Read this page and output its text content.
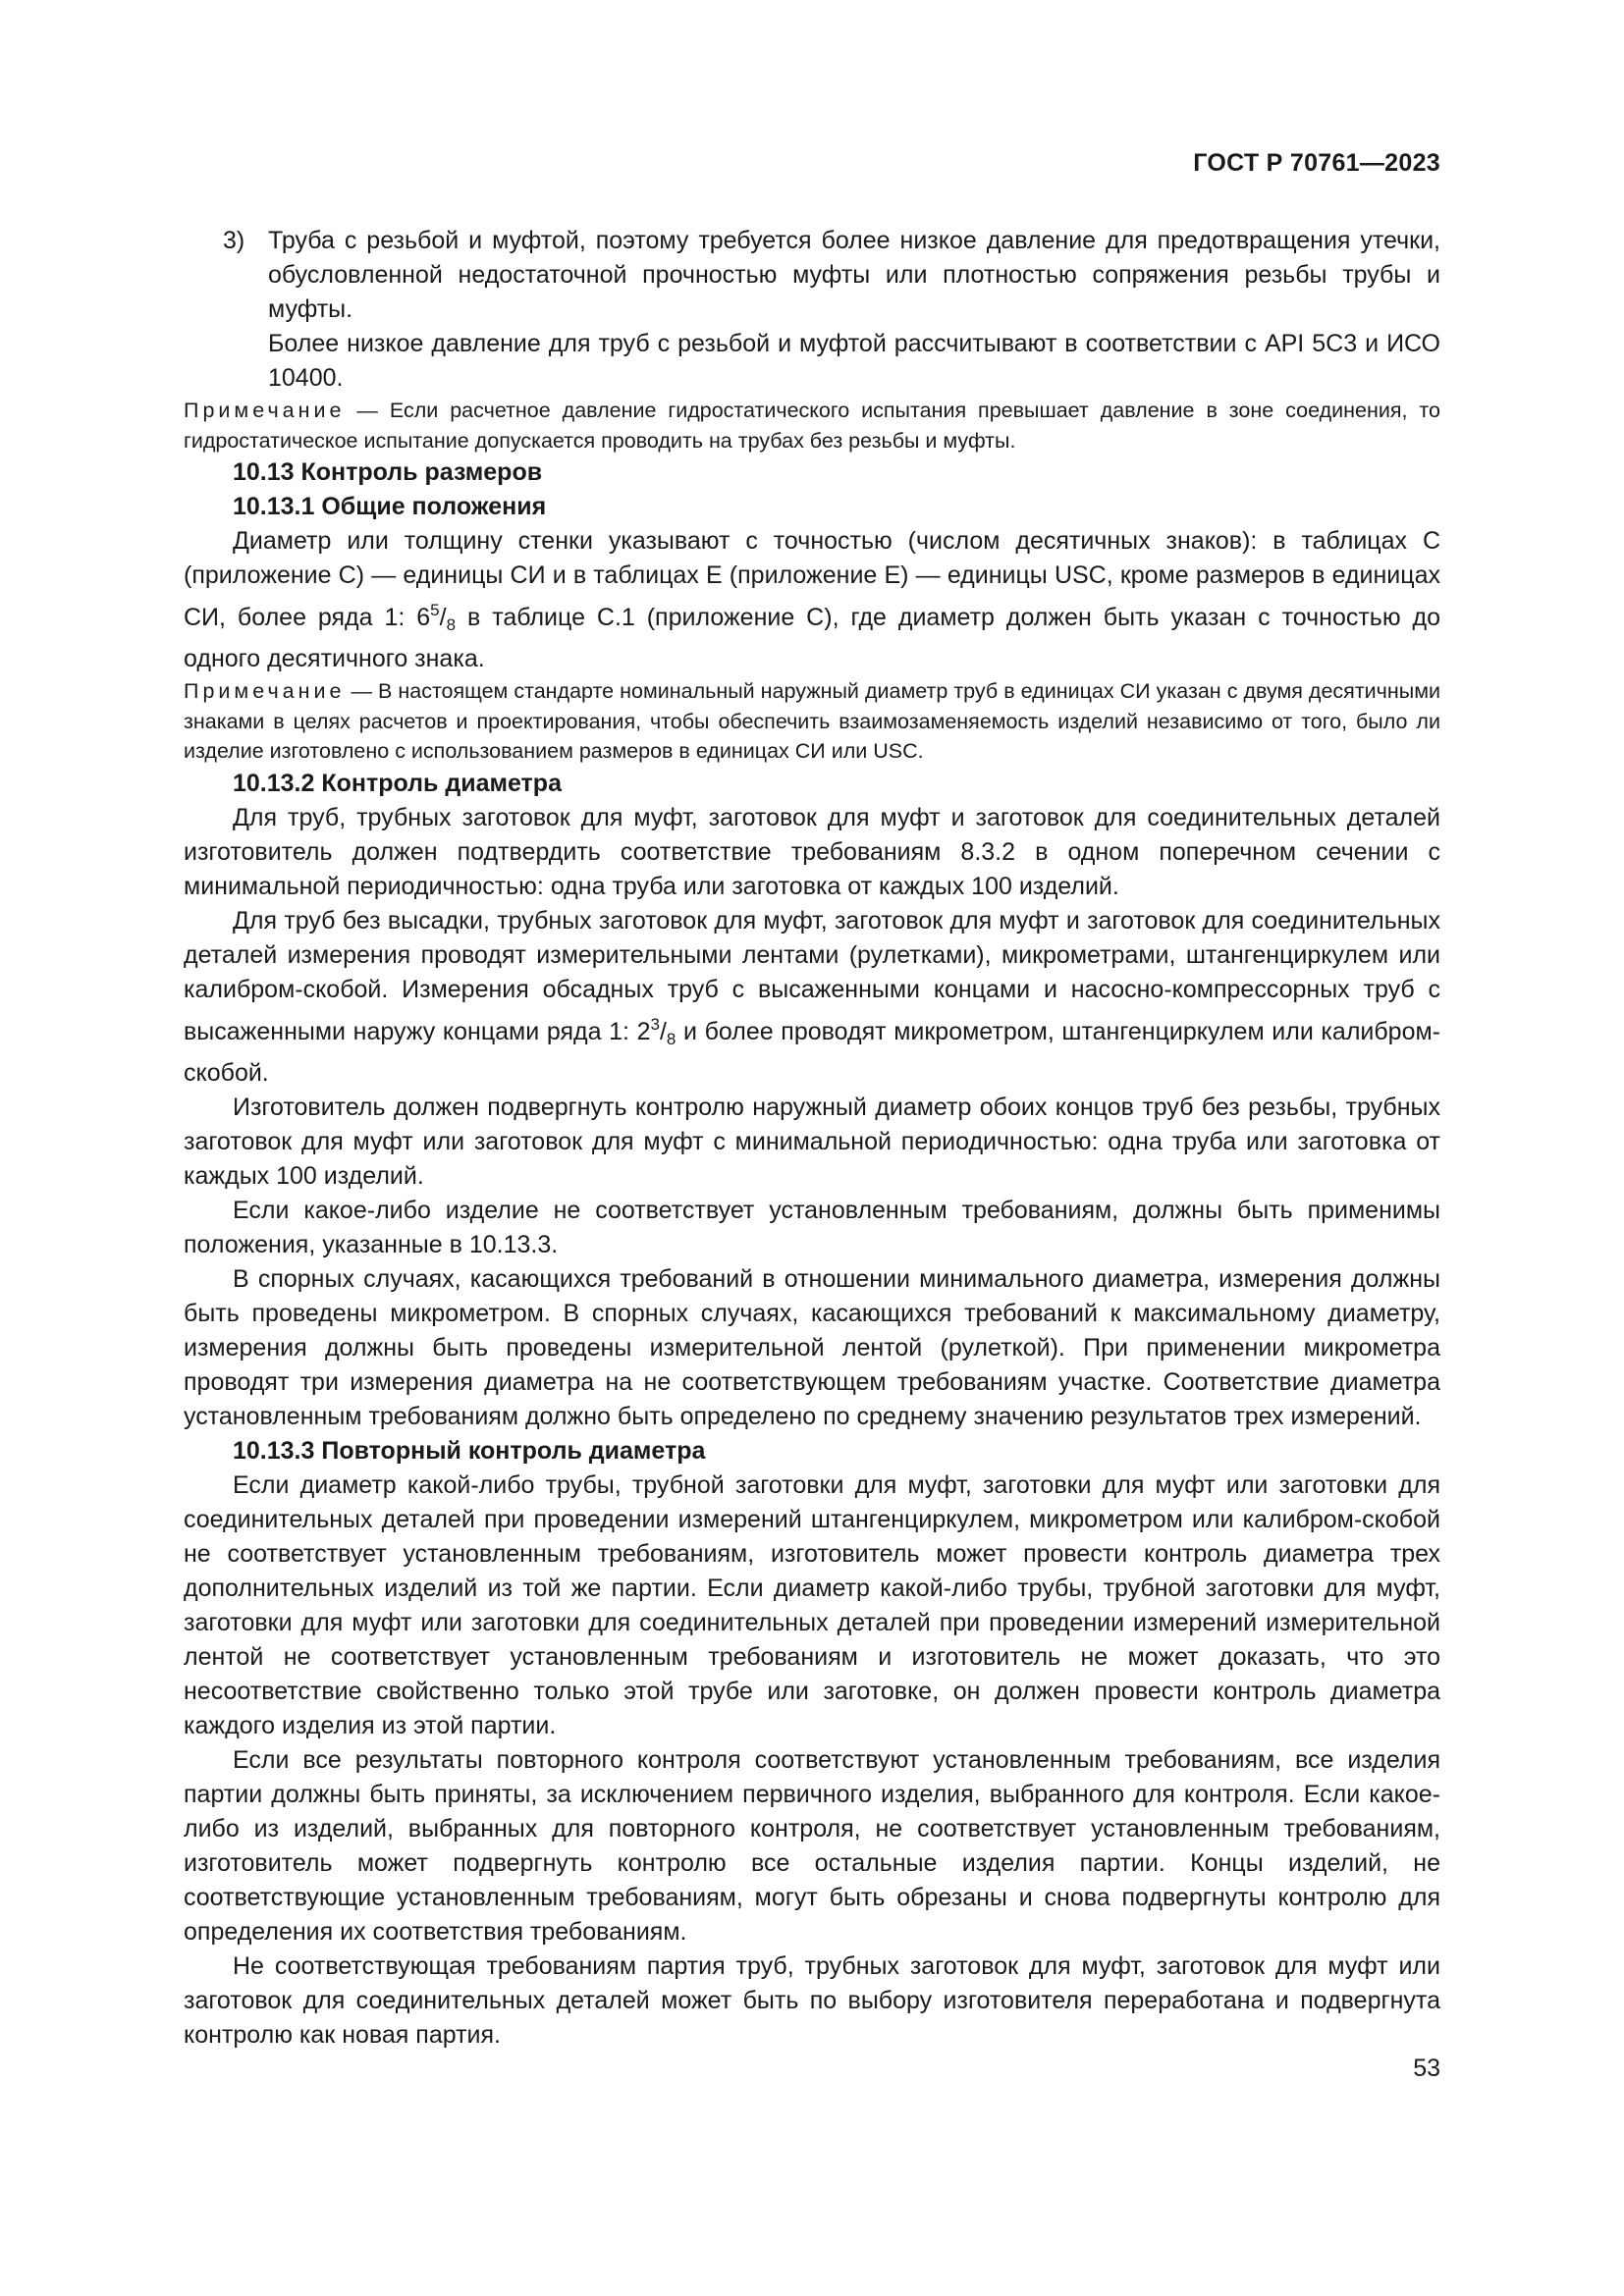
ГОСТ Р 70761—2023
3) Труба с резьбой и муфтой, поэтому требуется более низкое давление для предотвращения утечки, обусловленной недостаточной прочностью муфты или плотностью сопряжения резьбы трубы и муфты.

Более низкое давление для труб с резьбой и муфтой рассчитывают в соответствии с API 5C3 и ИСО 10400.

Примечание — Если расчетное давление гидростатического испытания превышает давление в зоне соединения, то гидростатическое испытание допускается проводить на трубах без резьбы и муфты.

10.13 Контроль размеров

10.13.1 Общие положения

Диаметр или толщину стенки указывают с точностью (числом десятичных знаков): в таблицах С (приложение С) — единицы СИ и в таблицах Е (приложение Е) — единицы USC, кроме размеров в единицах СИ, более ряда 1: $6^5/_8$ в таблице С.1 (приложение С), где диаметр должен быть указан с точностью до одного десятичного знака.

Примечание — В настоящем стандарте номинальный наружный диаметр труб в единицах СИ указан с двумя десятичными знаками в целях расчетов и проектирования, чтобы обеспечить взаимозаменяемость изделий независимо от того, было ли изделие изготовлено с использованием размеров в единицах СИ или USC.

10.13.2 Контроль диаметра

Для труб, трубных заготовок для муфт, заготовок для муфт и заготовок для соединительных деталей изготовитель должен подтвердить соответствие требованиям 8.3.2 в одном поперечном сечении с минимальной периодичностью: одна труба или заготовка от каждых 100 изделий.

Для труб без высадки, трубных заготовок для муфт, заготовок для муфт и заготовок для соединительных деталей измерения проводят измерительными лентами (рулетками), микрометрами, штангенциркулем или калибром-скобой. Измерения обсадных труб с высаженными концами и насосно-компрессорных труб с высаженными наружу концами ряда 1: $2^3/_8$ и более проводят микрометром, штангенциркулем или калибром-скобой.

Изготовитель должен подвергнуть контролю наружный диаметр обоих концов труб без резьбы, трубных заготовок для муфт или заготовок для муфт с минимальной периодичностью: одна труба или заготовка от каждых 100 изделий.

Если какое-либо изделие не соответствует установленным требованиям, должны быть применимы положения, указанные в 10.13.3.

В спорных случаях, касающихся требований в отношении минимального диаметра, измерения должны быть проведены микрометром. В спорных случаях, касающихся требований к максимальному диаметру, измерения должны быть проведены измерительной лентой (рулеткой). При применении микрометра проводят три измерения диаметра на не соответствующем требованиям участке. Соответствие диаметра установленным требованиям должно быть определено по среднему значению результатов трех измерений.

10.13.3 Повторный контроль диаметра

Если диаметр какой-либо трубы, трубной заготовки для муфт, заготовки для муфт или заготовки для соединительных деталей при проведении измерений штангенциркулем, микрометром или калибром-скобой не соответствует установленным требованиям, изготовитель может провести контроль диаметра трех дополнительных изделий из той же партии. Если диаметр какой-либо трубы, трубной заготовки для муфт, заготовки для муфт или заготовки для соединительных деталей при проведении измерений измерительной лентой не соответствует установленным требованиям и изготовитель не может доказать, что это несоответствие свойственно только этой трубе или заготовке, он должен провести контроль диаметра каждого изделия из этой партии.

Если все результаты повторного контроля соответствуют установленным требованиям, все изделия партии должны быть приняты, за исключением первичного изделия, выбранного для контроля. Если какое-либо из изделий, выбранных для повторного контроля, не соответствует установленным требованиям, изготовитель может подвергнуть контролю все остальные изделия партии. Концы изделий, не соответствующие установленным требованиям, могут быть обрезаны и снова подвергнуты контролю для определения их соответствия требованиям.

Не соответствующая требованиям партия труб, трубных заготовок для муфт, заготовок для муфт или заготовок для соединительных деталей может быть по выбору изготовителя переработана и подвергнута контролю как новая партия.

53
